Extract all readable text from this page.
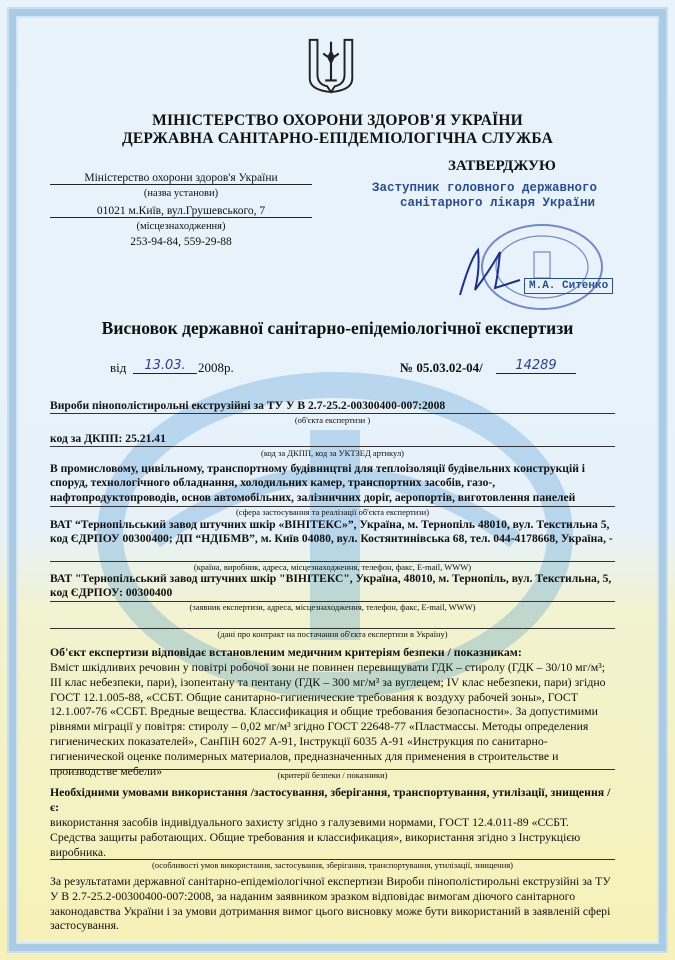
МІНІСТЕРСТВО ОХОРОНИ ЗДОРОВ'Я УКРАЇНИ
ДЕРЖАВНА САНІТАРНО-ЕПІДЕМІОЛОГІЧНА СЛУЖБА
Міністерство охорони здоров'я України
(назва установи)
01021 м.Київ, вул.Грушевського, 7
(місцезнаходження)
253-94-84, 559-29-88
ЗАТВЕРДЖУЮ
Заступник головного державного
санітарного лікаря України
М.А. Ситенко
Висновок державної санітарно-епідеміологічної експертизи
від	13.03. 2008р.	№ 05.03.02-04/	14289
Вироби пінополістирольні екструзійні за ТУ У В 2.7-25.2-00300400-007:2008
(об'єкта експертизи )
код за ДКПП: 25.21.41
(код за ДКПП, код за УКТЗЕД артикул)
В промисловому, цивільному, транспортному будівництві для теплоізоляції будівельних конструкцій і споруд, технологічного обладнання, холодильних камер, транспортних засобів, газо-, нафтопродуктопроводів, основ автомобільних, залізничних доріг, аеропортів, виготовлення панелей
(сфера застосування та реалізації об'єкта експертизи)
ВАТ “Тернопільський завод штучних шкір «ВІНІТЕКС»”, Україна, м. Тернопіль 48010, вул. Текстильна 5, код ЄДРПОУ 00300400; ДП “НДІБМВ”, м. Київ 04080, вул. Костянтинівська 68, тел. 044-4178668, Україна, -
(країна, виробник, адреса, місцезнаходження, телефон, факс, E-mail, WWW)
ВАТ "Тернопільський завод штучних шкір "ВІНІТЕКС", Україна, 48010, м. Тернопіль, вул. Текстильна, 5, код ЄДРПОУ: 00300400
(заявник експертизи, адреса, місцезнаходження, телефон, факс, E-mail, WWW)
(дані про контракт на постачання об'єкта експертизи в Україну)
Об'єкт експертизи відповідає встановленим медичним критеріям безпеки / показникам:
Вміст шкідливих речовин у повітрі робочої зони не повинен перевищувати ГДК – стиролу (ГДК – 30/10 мг/м³; ІІІ клас небезпеки, пари), ізопентану та пентану (ГДК – 300 мг/м³ за вуглецем; IV клас небезпеки, пари) згідно ГОСТ 12.1.005-88, «ССБТ. Общие санитарно-гигиенические требования к воздуху рабочей зоны», ГОСТ 12.1.007-76 «ССБТ. Вредные вещества. Классификация и общие требования безопасности». За допустимими рівнями міграції у повітря: стиролу – 0,02 мг/м³ згідно ГОСТ 22648-77 «Пластмассы. Методы определения гигиенических показателей», СанПіН 6027 А-91, Інструкції 6035 А-91 «Инструкция по санитарно-гигиенической оценке полимерных материалов, предназначенных для применения в строительстве и производстве мебели»	(критерії безпеки / показники)
Необхідними умовами використання /застосування, зберігання, транспортування, утилізації, знищення /є:
використання засобів індивідуального захисту згідно з галузевими нормами, ГОСТ 12.4.011-89 «ССБТ. Средства защиты работающих. Общие требования и классификация», використання згідно з Інструкцією виробника.
(особливості умов використання, застосування, зберігання, транспортування, утилізації, знищення)
За результатами державної санітарно-епідеміологічної експертизи Вироби пінополістирольні екструзійні за ТУ У В 2.7-25.2-00300400-007:2008, за наданим заявником зразком відповідає вимогам діючого санітарного законодавства України і за умови дотримання вимог цього висновку може бути використаний в заявленій сфері застосування.
